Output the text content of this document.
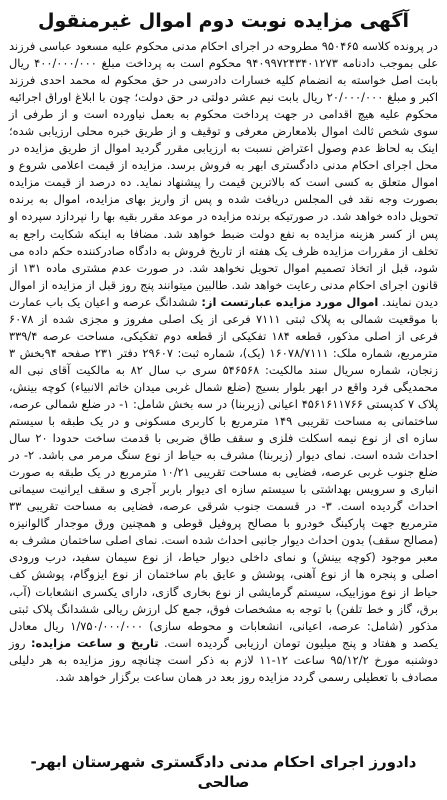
آگهی مزایده نوبت دوم اموال غیرمنقول

در پرونده کلاسه ۹۵۰۴۶۵ مطروحه در اجرای احکام مدنی محکوم علیه مسعود عباسی فرزند علی بموجب دادنامه ۹۴۰۹۹۷۲۴۳۴۰۱۲۷۳ محکوم است به پرداخت مبلغ ۴۰۰/۰۰۰/۰۰۰ ریال بابت اصل خواسته به انضمام کلیه خسارات دادرسی در حق محکوم له محمد احدی فرزند اکبر و مبلغ ۲۰/۰۰۰/۰۰۰ ریال بابت نیم عشر دولتی در حق دولت؛ چون با ابلاغ اوراق اجرائیه محکوم علیه هیچ اقدامی در جهت پرداخت محکوم به بعمل نیاورده است و از طرفی از سوی شخص ثالث اموال بلامعارض معرفی و توقیف و از طریق خبره محلی ارزیابی شده؛ اینک به لحاظ عدم وصول اعتراض نسبت به ارزیابی مقرر گردید اموال از طریق مزایده در محل اجرای احکام مدنی دادگستری ابهر به فروش برسد. مزایده از قیمت اعلامی شروع و اموال متعلق به کسی است که بالاترین قیمت را پیشنهاد نماید. ده درصد از قیمت مزایده بصورت وجه نقد فی المجلس دریافت شده و پس از واریز بهای مزایده، اموال به برنده تحویل داده خواهد شد. در صورتیکه برنده مزایده در موعد مقرر بقیه بها را نپردازد سپرده او پس از کسر هزینه مزایده به نفع دولت ضبط خواهد شد. مضافا به اینکه شکایت راجع به تخلف از مقررات مزایده ظرف یک هفته از تاریخ فروش به دادگاه صادرکننده حکم داده می شود، قبل از اتخاذ تصمیم اموال تحویل نخواهد شد. در صورت عدم مشتری ماده ۱۳۱ از قانون اجرای احکام مدنی رعایت خواهد شد. طالبین میتوانند پنج روز قبل از مزایده از اموال دیدن نمایند. اموال مورد مزایده عبارتست از: ششدانگ عرصه و اعیان یک باب عمارت با موقعیت شمالی به پلاک ثبتی ۷۱۱۱ فرعی از یک اصلی مفروز و مجزی شده از ۶۰۷۸ فرعی از اصلی مذکور، قطعه ۱۸۴ تفکیکی از قطعه دوم تفکیکی، مساحت عرصه ۳۳۹/۴ مترمربع، شماره ملک: ۱۶۰۷۸/۷۱۱۱ (یک)، شماره ثبت: ۲۹۶۰۷ دفتر ۲۳۱ صفحه ۹۴بخش ۳ زنجان، شماره سریال سند مالکیت: ۵۴۶۵۶۸ سری ب سال ۸۲ به مالکیت آقای نبی اله محمدیگی فرد واقع در ابهر بلوار بسیج (ضلع شمال غربی میدان خاتم الانبیاء) کوچه بینش، پلاک ۷ کدپستی ۴۵۶۱۶۱۱۷۶۶ اعیانی (زیربنا) در سه بخش شامل: ۱- در ضلع شمالی عرصه، ساختمانی به مساحت تقریبی ۱۴۹ مترمربع با کاربری مسکونی و در یک طبقه با سیستم سازه ای از نوع نیمه اسکلت فلزی و سقف طاق ضربی با قدمت ساخت حدودا ۲۰ سال احداث شده است. نمای دیوار (زیربنا) مشرف به حیاط از نوع سنگ مرمر می باشد. ۲- در ضلع جنوب غربی عرصه، فضایی به مساحت تقریبی ۱۰/۲۱ مترمربع در یک طبقه به صورت انباری و سرویس بهداشتی با سیستم سازه ای دیوار باربر آجری و سقف ایرانیت سیمانی احداث گردیده است. ۳- در قسمت جنوب شرقی عرصه، فضایی به مساحت تقریبی ۳۳ مترمربع جهت پارکینگ خودرو با مصالح پروفیل قوطی و همچنین ورق موجدار گالوانیزه (مصالح سقف) بدون احداث دیوار جانبی احداث شده است. نمای اصلی ساختمان مشرف به معبر موجود (کوچه بینش) و نمای داخلی دیوار حیاط، از نوع سیمان سفید، درب ورودی اصلی و پنجره ها از نوع آهنی، پوشش و عایق بام ساختمان از نوع ایزوگام، پوشش کف حیاط از نوع موزاییک، سیستم گرمایشی از نوع بخاری گازی، دارای یکسری انشعابات (آب، برق، گاز و خط تلفن) با توجه به مشخصات فوق، جمع کل ارزش ریالی ششدانگ پلاک ثبتی مذکور (شامل: عرصه، اعیانی، انشعابات و محوطه سازی) ۱/۷۵۰/۰۰۰/۰۰۰ ریال معادل یکصد و هفتاد و پنج میلیون تومان ارزیابی گردیده است. تاریخ و ساعت مزایده: روز دوشنبه مورخ ۹۵/۱۲/۲ ساعت ۱۲-۱۱ لازم به ذکر است چنانچه روز مزایده به هر دلیلی مصادف با تعطیلی رسمی گردد مزایده روز بعد در همان ساعت برگزار خواهد شد.

دادورز اجرای احکام مدنی دادگستری شهرستان ابهر- صالحی
